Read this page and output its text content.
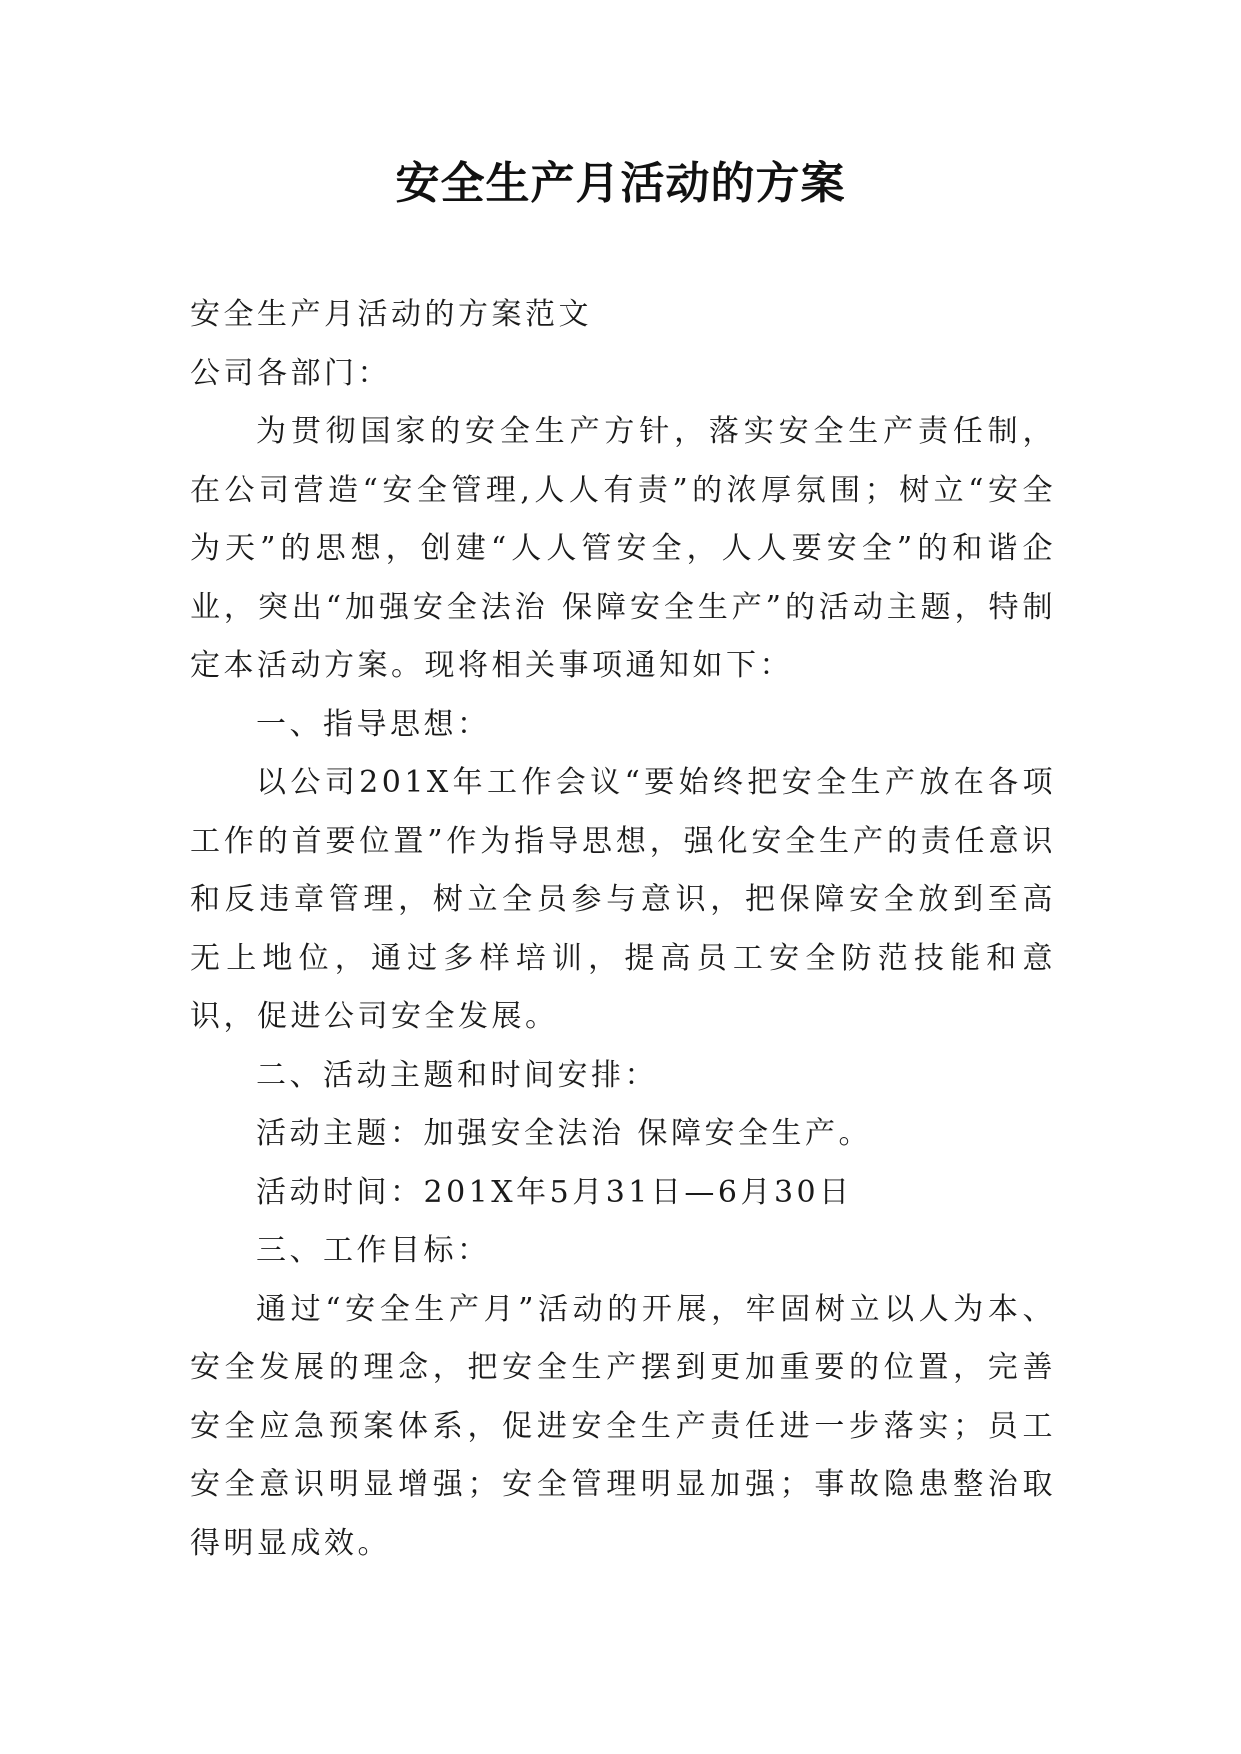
安全生产月活动的方案

安全生产月活动的方案范文

公司各部门：

为贯彻国家的安全生产方针，落实安全生产责任制，在公司营造“安全管理,人人有责”的浓厚氛围；树立“安全为天”的思想，创建“人人管安全，人人要安全”的和谐企业，突出“加强安全法治 保障安全生产”的活动主题，特制定本活动方案。现将相关事项通知如下：

一、指导思想：

以公司201X年工作会议“要始终把安全生产放在各项工作的首要位置”作为指导思想，强化安全生产的责任意识和反违章管理，树立全员参与意识，把保障安全放到至高无上地位，通过多样培训，提高员工安全防范技能和意识，促进公司安全发展。

二、活动主题和时间安排：

活动主题：加强安全法治 保障安全生产。

活动时间：201X年5月31日—6月30日

三、工作目标：

通过“安全生产月”活动的开展，牢固树立以人为本、安全发展的理念，把安全生产摆到更加重要的位置，完善安全应急预案体系，促进安全生产责任进一步落实；员工安全意识明显增强；安全管理明显加强；事故隐患整治取得明显成效。
